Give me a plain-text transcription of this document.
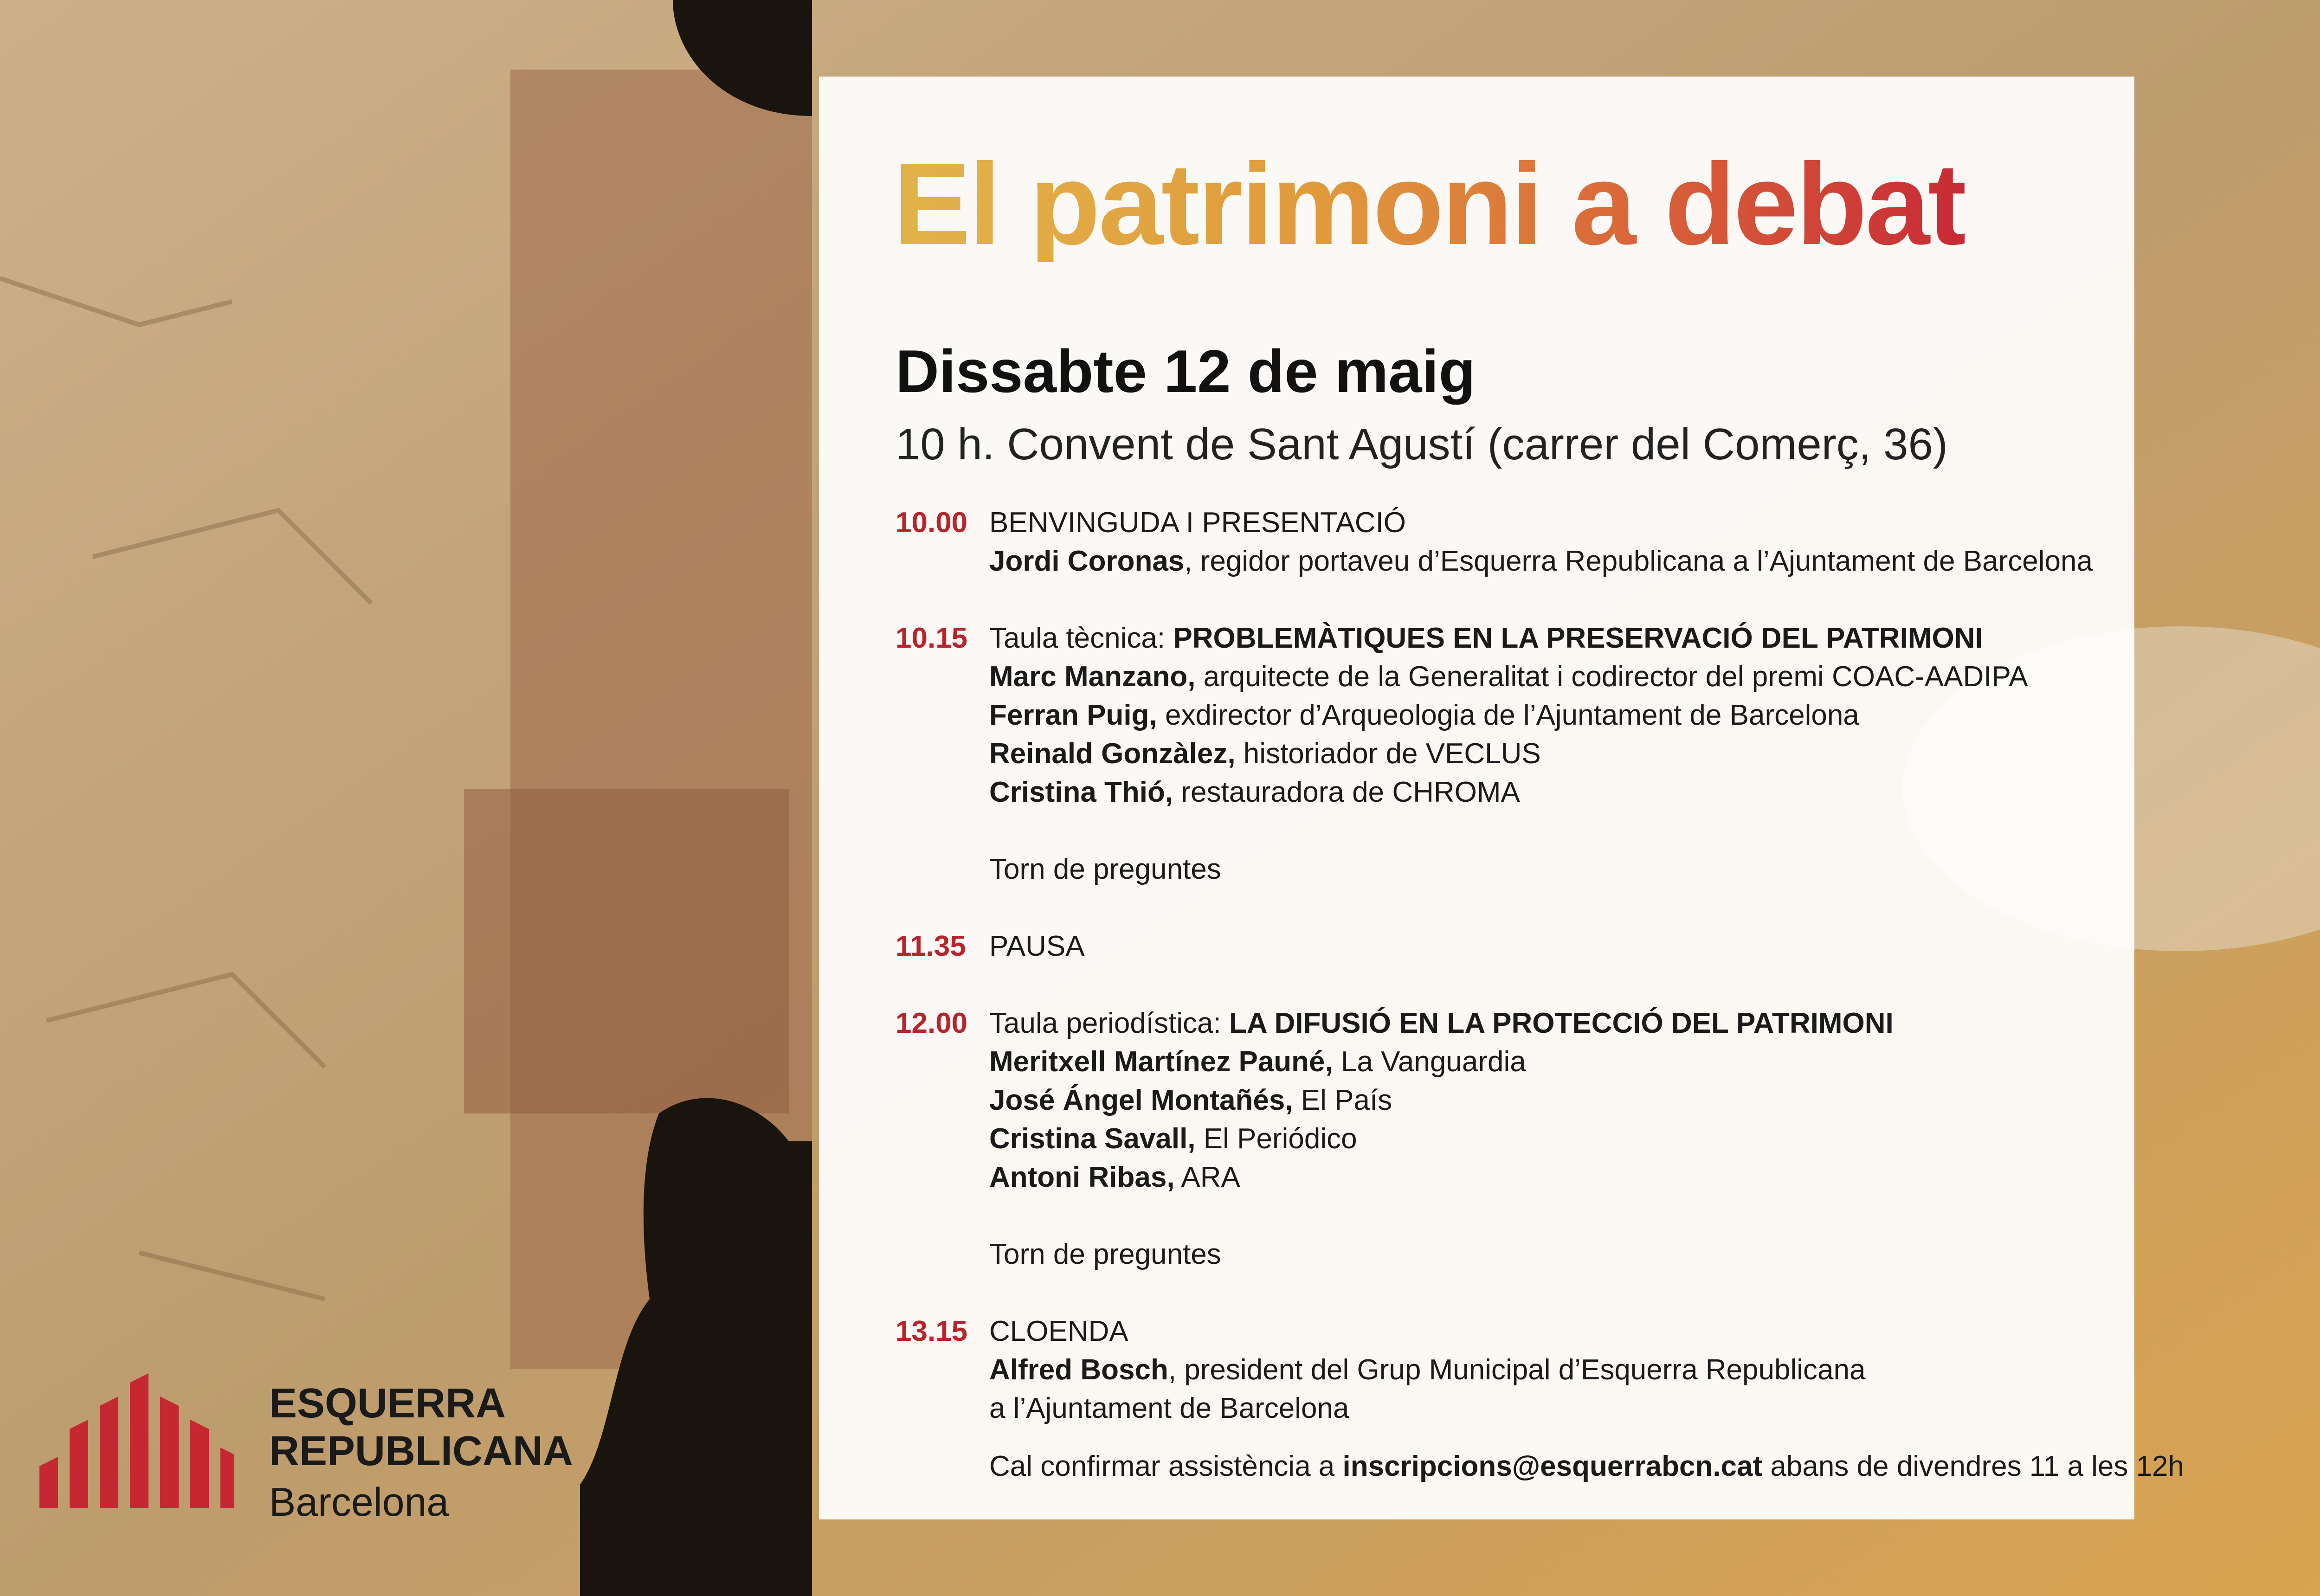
El patrimoni a debat
Dissabte 12 de maig
10 h. Convent de Sant Agustí (carrer del Comerç, 36)
10.00 BENVINGUDA I PRESENTACIÓ
Jordi Coronas, regidor portaveu d’Esquerra Republicana a l’Ajuntament de Barcelona
10.15 Taula tècnica: PROBLEMÀTIQUES EN LA PRESERVACIÓ DEL PATRIMONI
Marc Manzano, arquitecte de la Generalitat i codirector del premi COAC-AADIPA
Ferran Puig, exdirector d’Arqueologia de l’Ajuntament de Barcelona
Reinald Gonzàlez, historiador de VECLUS
Cristina Thió, restauradora de CHROMA
Torn de preguntes
11.35 PAUSA
12.00 Taula periodística: LA DIFUSIÓ EN LA PROTECCIÓ DEL PATRIMONI
Meritxell Martínez Pauné, La Vanguardia
José Ángel Montañés, El País
Cristina Savall, El Periódico
Antoni Ribas, ARA
Torn de preguntes
13.15 CLOENDA
Alfred Bosch, president del Grup Municipal d’Esquerra Republicana
a l’Ajuntament de Barcelona
Cal confirmar assistència a inscripcions@esquerrabcn.cat abans de divendres 11 a les 12h
ESQUERRA
REPUBLICANA
Barcelona
